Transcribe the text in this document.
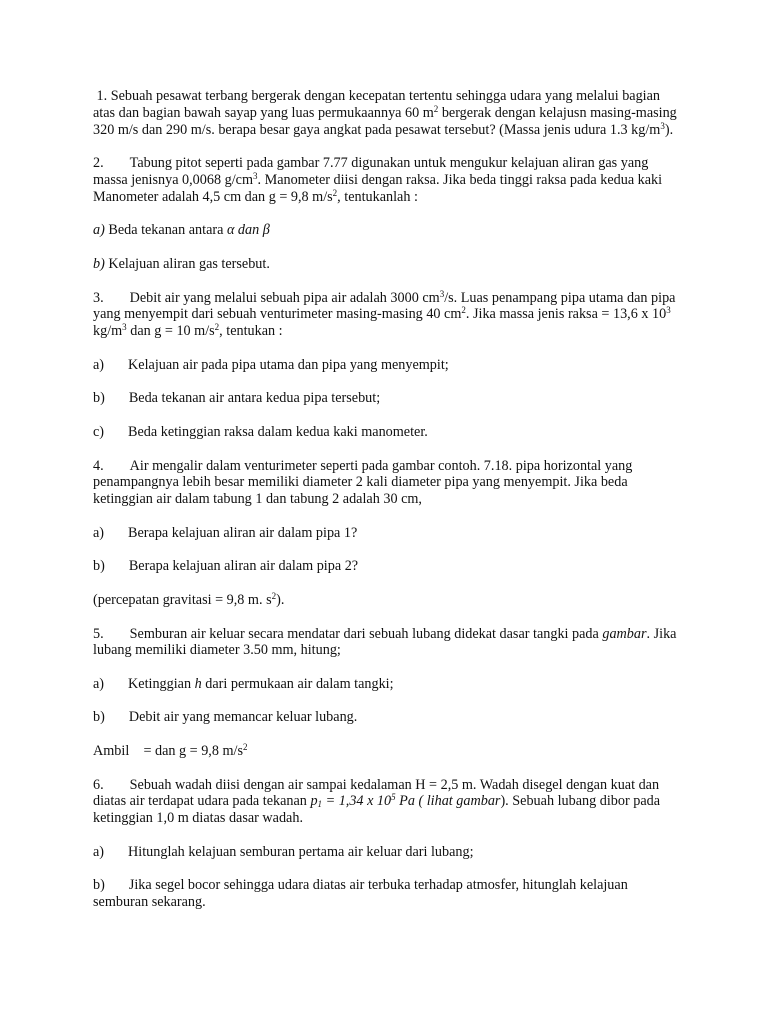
1. Sebuah pesawat terbang bergerak dengan kecepatan tertentu sehingga udara yang melalui bagian atas dan bagian bawah sayap yang luas permukaannya 60 $m^2$ bergerak dengan kelajusn masing-masing 320 m/s dan 290 m/s. berapa besar gaya angkat pada pesawat tersebut? (Massa jenis udura 1.3 $kg/m^3$).

2. Tabung pitot seperti pada gambar 7.77 digunakan untuk mengukur kelajuan aliran gas yang massa jenisnya 0,0068 $g/cm^3$. Manometer diisi dengan raksa. Jika beda tinggi raksa pada kedua kaki Manometer adalah 4,5 cm dan g = 9,8 $m/s^2$, tentukanlah :

a) Beda tekanan antara α dan β

b) Kelajuan aliran gas tersebut.

3. Debit air yang melalui sebuah pipa air adalah 3000 $cm^3/s$. Luas penampang pipa utama dan pipa yang menyempit dari sebuah venturimeter masing-masing 40 $cm^2$. Jika massa jenis raksa = 13,6 x $10^3$ $kg/m^3$ dan g = 10 $m/s^2$, tentukan :

a) Kelajuan air pada pipa utama dan pipa yang menyempit;

b) Beda tekanan air antara kedua pipa tersebut;

c) Beda ketinggian raksa dalam kedua kaki manometer.

4. Air mengalir dalam venturimeter seperti pada gambar contoh. 7.18. pipa horizontal yang penampangnya lebih besar memiliki diameter 2 kali diameter pipa yang menyempit. Jika beda ketinggian air dalam tabung 1 dan tabung 2 adalah 30 cm,

a) Berapa kelajuan aliran air dalam pipa 1?

b) Berapa kelajuan aliran air dalam pipa 2?

(percepatan gravitasi = 9,8 m. $s^2$).

5. Semburan air keluar secara mendatar dari sebuah lubang didekat dasar tangki pada gambar. Jika lubang memiliki diameter 3.50 mm, hitung;

a) Ketinggian h dari permukaan air dalam tangki;

b) Debit air yang memancar keluar lubang.

Ambil    = dan g = 9,8 $m/s^2$

6. Sebuah wadah diisi dengan air sampai kedalaman H = 2,5 m. Wadah disegel dengan kuat dan diatas air terdapat udara pada tekanan $p_1 = 1,34$ x $10^5$ Pa ( lihat gambar). Sebuah lubang dibor pada ketinggian 1,0 m diatas dasar wadah.

a) Hitunglah kelajuan semburan pertama air keluar dari lubang;

b) Jika segel bocor sehingga udara diatas air terbuka terhadap atmosfer, hitunglah kelajuan semburan sekarang.
